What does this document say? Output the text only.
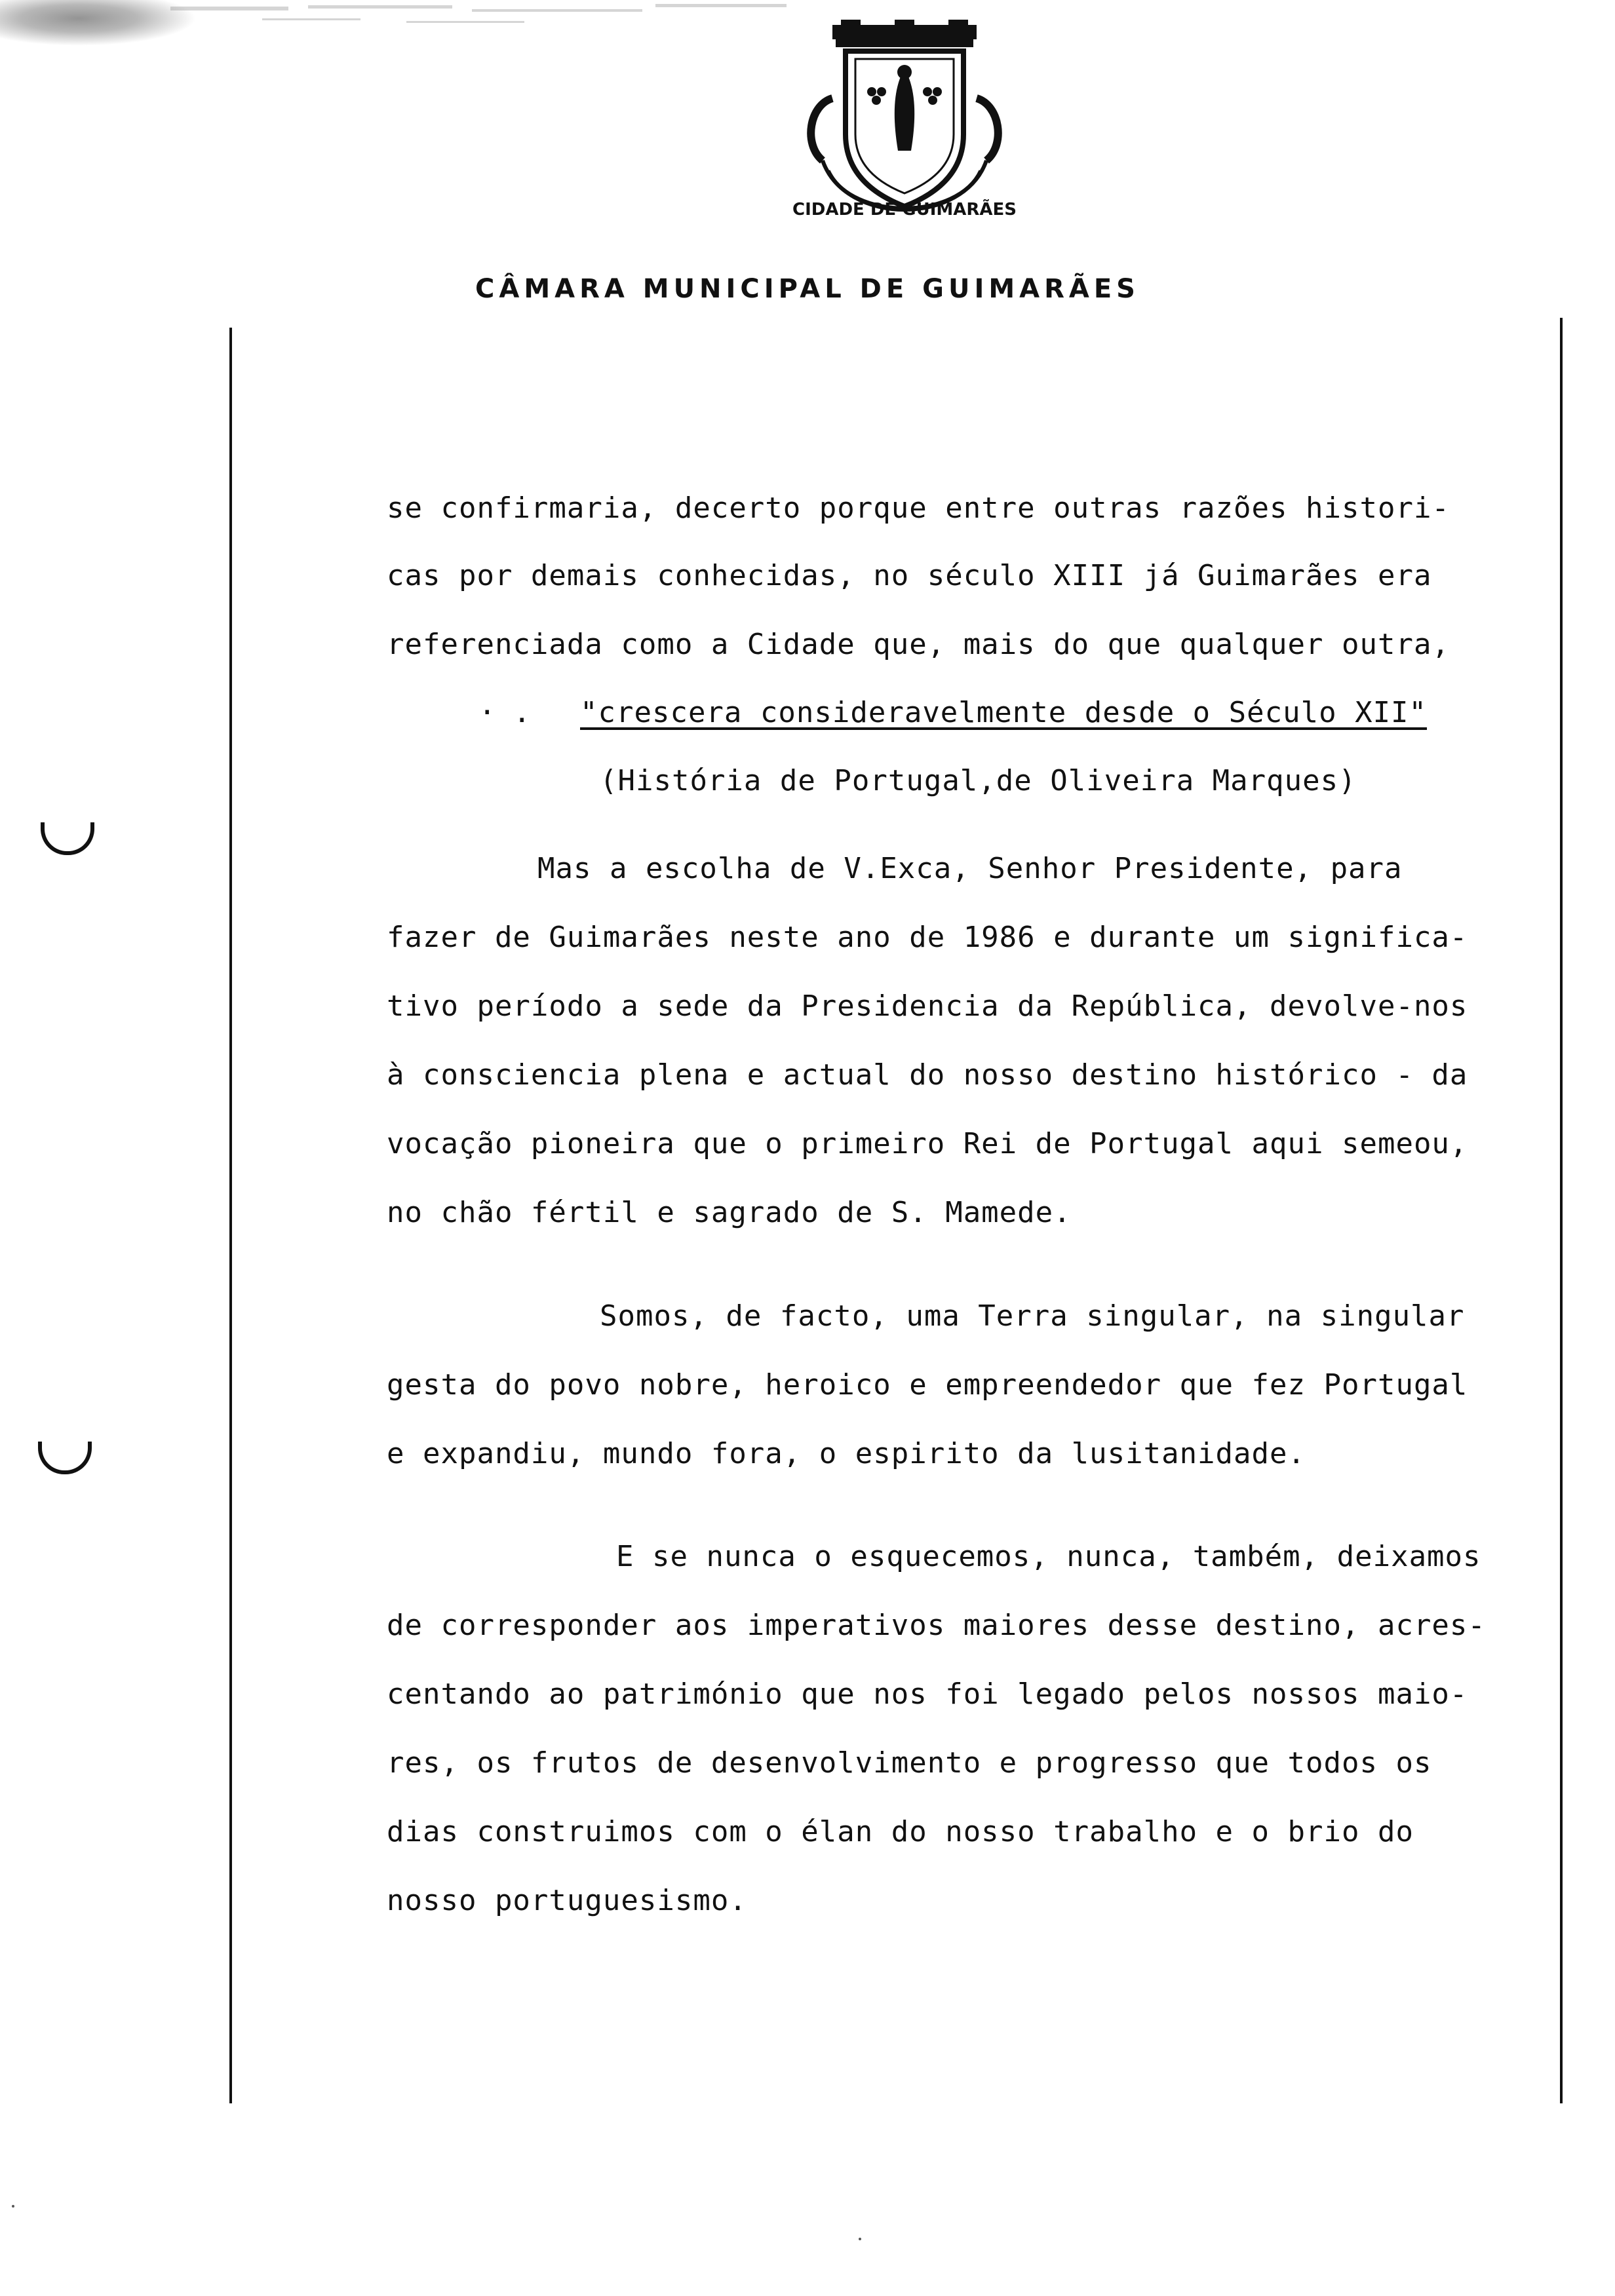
CIDADE DE GUIMARÃES
CÂMARA MUNICIPAL DE GUIMARÃES
· .
se confirmaria, decerto porque entre outras razões histori-
cas por demais conhecidas, no século XIII já Guimarães era
referenciada como a Cidade que, mais do que qualquer outra,
"crescera consideravelmente desde o Século XII"
(História de Portugal,de Oliveira Marques)
Mas a escolha de V.Exca, Senhor Presidente, para
fazer de Guimarães neste ano de 1986 e durante um significa-
tivo período a sede da Presidencia da República, devolve-nos
à consciencia plena e actual do nosso destino histórico - da
vocação pioneira que o primeiro Rei de Portugal aqui semeou,
no chão fértil e sagrado de S. Mamede.
Somos, de facto, uma Terra singular, na singular
gesta do povo nobre, heroico e empreendedor que fez Portugal
e expandiu, mundo fora, o espirito da lusitanidade.
E se nunca o esquecemos, nunca, também, deixamos
de corresponder aos imperativos maiores desse destino, acres-
centando ao património que nos foi legado pelos nossos maio-
res, os frutos de desenvolvimento e progresso que todos os
dias construimos com o élan do nosso trabalho e o brio do
nosso portuguesismo.
